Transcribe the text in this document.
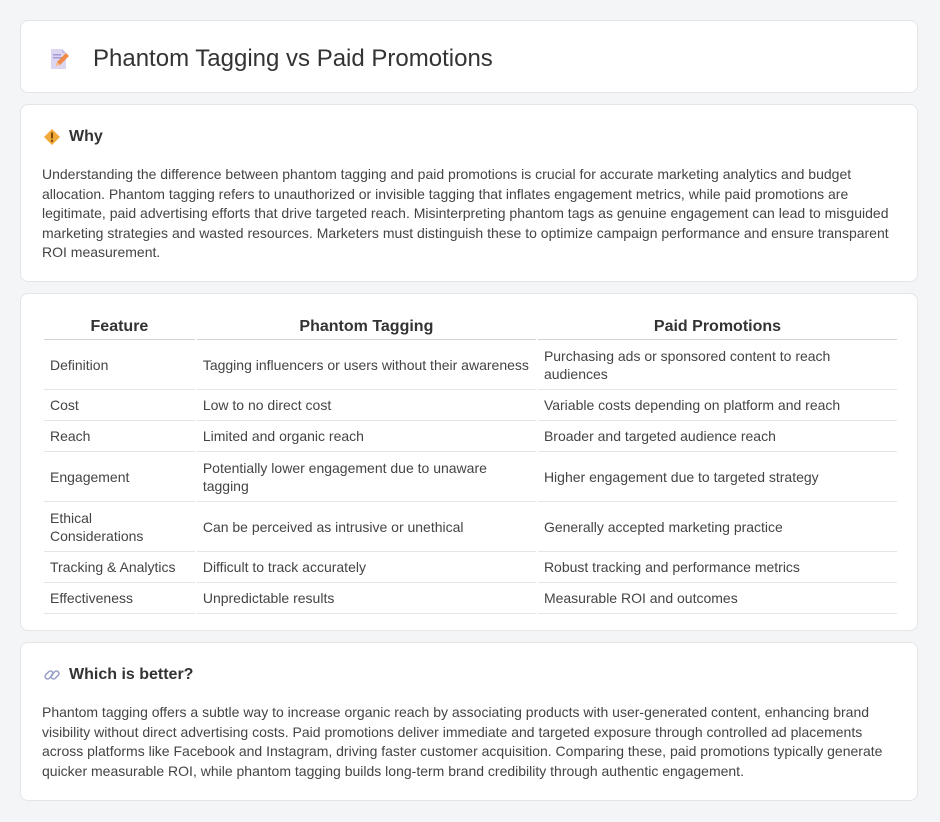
Phantom Tagging vs Paid Promotions
Why

Understanding the difference between phantom tagging and paid promotions is crucial for accurate marketing analytics and budget allocation. Phantom tagging refers to unauthorized or invisible tagging that inflates engagement metrics, while paid promotions are legitimate, paid advertising efforts that drive targeted reach. Misinterpreting phantom tags as genuine engagement can lead to misguided marketing strategies and wasted resources. Marketers must distinguish these to optimize campaign performance and ensure transparent ROI measurement.

Feature	Phantom Tagging	Paid Promotions
Definition	Tagging influencers or users without their awareness	Purchasing ads or sponsored content to reach audiences
Cost	Low to no direct cost	Variable costs depending on platform and reach
Reach	Limited and organic reach	Broader and targeted audience reach
Engagement	Potentially lower engagement due to unaware tagging	Higher engagement due to targeted strategy
Ethical Considerations	Can be perceived as intrusive or unethical	Generally accepted marketing practice
Tracking & Analytics	Difficult to track accurately	Robust tracking and performance metrics
Effectiveness	Unpredictable results	Measurable ROI and outcomes
Which is better?

Phantom tagging offers a subtle way to increase organic reach by associating products with user-generated content, enhancing brand visibility without direct advertising costs. Paid promotions deliver immediate and targeted exposure through controlled ad placements across platforms like Facebook and Instagram, driving faster customer acquisition. Comparing these, paid promotions typically generate quicker measurable ROI, while phantom tagging builds long-term brand credibility through authentic engagement.
